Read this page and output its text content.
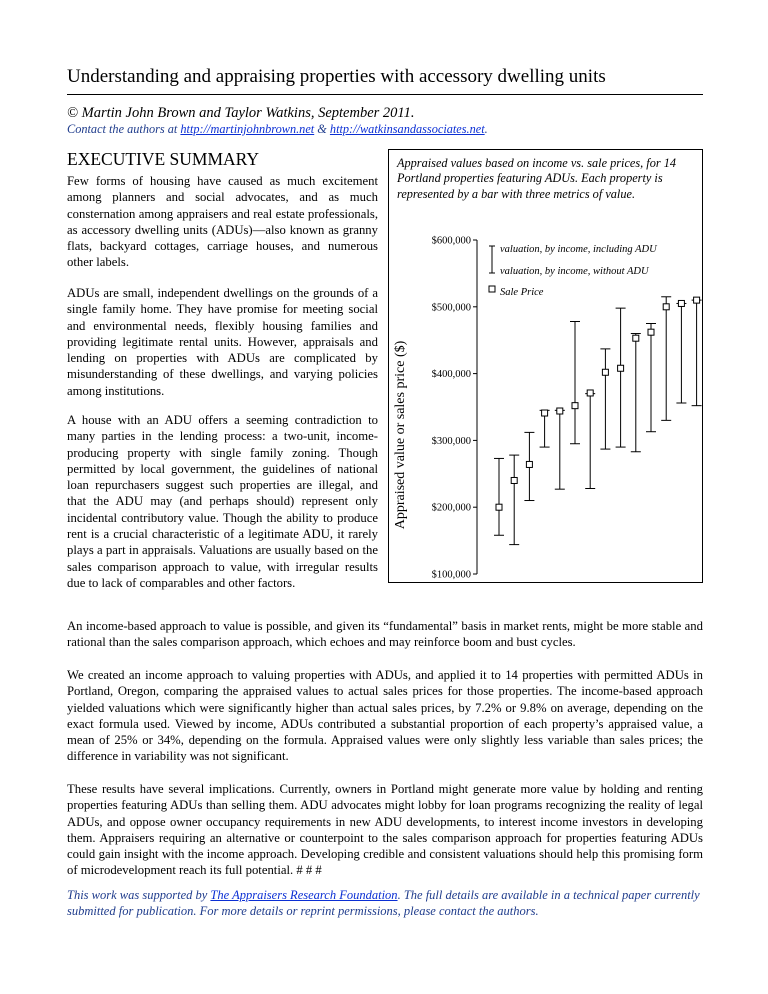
Understanding and appraising properties with accessory dwelling units
© Martin John Brown and Taylor Watkins, September 2011.
Contact the authors at http://martinjohnbrown.net & http://watkinsandassociates.net.
EXECUTIVE SUMMARY
Few forms of housing have caused as much excitement among planners and social advocates, and as much consternation among appraisers and real estate professionals, as accessory dwelling units (ADUs)—also known as granny flats, backyard cottages, carriage houses, and numerous other labels.
ADUs are small, independent dwellings on the grounds of a single family home. They have promise for meeting social and environmental needs, flexibly housing families and providing legitimate rental units. However, appraisals and lending on properties with ADUs are complicated by misunderstanding of these dwellings, and varying policies among institutions.
A house with an ADU offers a seeming contradiction to many parties in the lending process: a two-unit, income-producing property with single family zoning. Though permitted by local government, the guidelines of national loan repurchasers suggest such properties are illegal, and that the ADU may (and perhaps should) represent only incidental contributory value. Though the ability to produce rent is a crucial characteristic of a legitimate ADU, it rarely plays a part in appraisals. Valuations are usually based on the sales comparison approach to value, with irregular results due to lack of comparables and other factors.
Appraised values based on income vs. sale prices, for 14 Portland properties featuring ADUs. Each property is represented by a bar with three metrics of value.
$100,000
$200,000
$300,000
$400,000
$500,000
$600,000
valuation, by income, including ADU
valuation, by income, without ADU
Sale Price
Appraised value or sales price ($)
An income-based approach to value is possible, and given its “fundamental” basis in market rents, might be more stable and rational than the sales comparison approach, which echoes and may reinforce boom and bust cycles.
We created an income approach to valuing properties with ADUs, and applied it to 14 properties with permitted ADUs in Portland, Oregon, comparing the appraised values to actual sales prices for those properties. The income-based approach yielded valuations which were significantly higher than actual sales prices, by 7.2% or 9.8% on average, depending on the exact formula used. Viewed by income, ADUs contributed a substantial proportion of each property’s appraised value, a mean of 25% or 34%, depending on the formula. Appraised values were only slightly less variable than sales prices; the difference in variability was not significant.
These results have several implications. Currently, owners in Portland might generate more value by holding and renting properties featuring ADUs than selling them. ADU advocates might lobby for loan programs recognizing the reality of legal ADUs, and oppose owner occupancy requirements in new ADU developments, to interest income investors in developing them. Appraisers requiring an alternative or counterpoint to the sales comparison approach for properties featuring ADUs could gain insight with the income approach. Developing credible and consistent valuations should help this promising form of microdevelopment reach its full potential. # # #
This work was supported by The Appraisers Research Foundation. The full details are available in a technical paper currently submitted for publication. For more details or reprint permissions, please contact the authors.
